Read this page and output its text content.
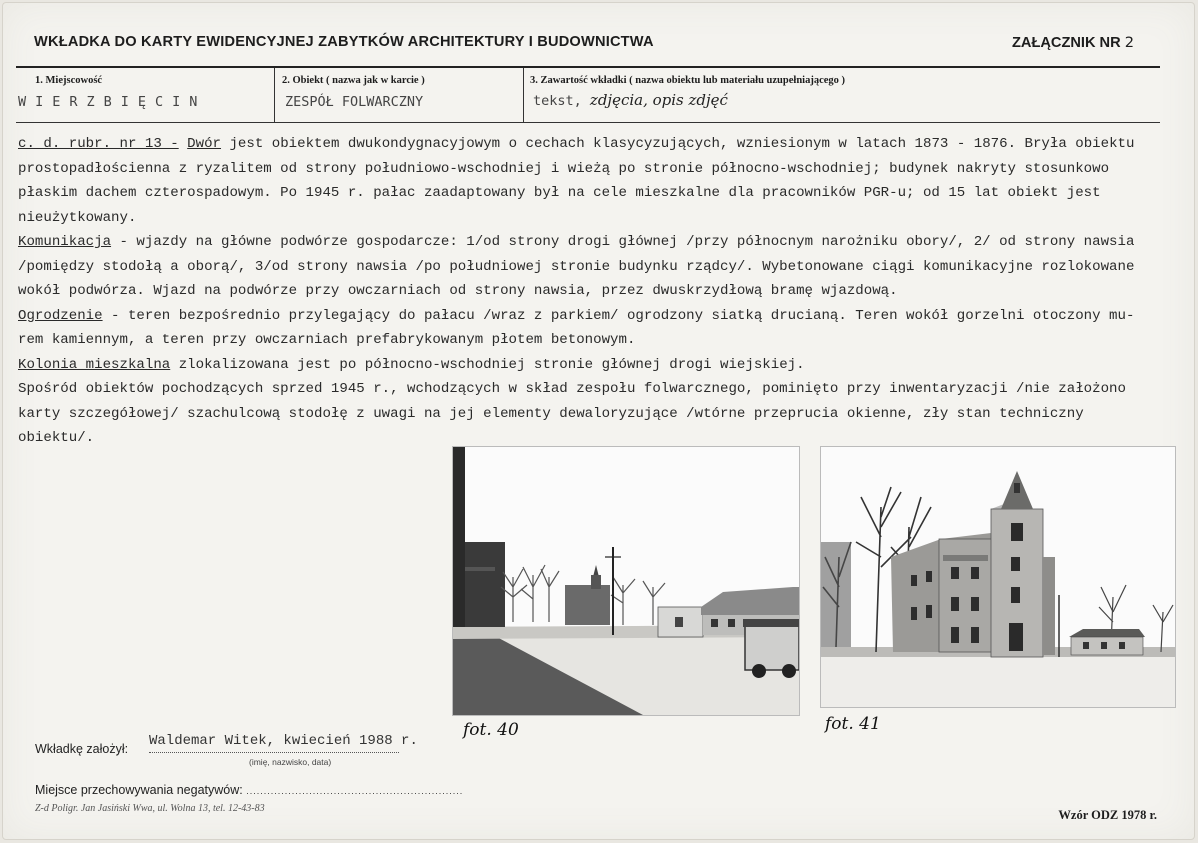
WKŁADKA DO KARTY EWIDENCYJNEJ ZABYTKÓW ARCHITEKTURY I BUDOWNICTWA	ZAŁĄCZNIK NR 2
1. Miejscowość
WIERZBIĘCIN
2. Obiekt ( nazwa jak w karcie )
ZESPÓŁ FOLWARCZNY
3. Zawartość wkładki ( nazwa obiektu lub materiału uzupełniającego )
tekst, zdjęcia, opis zdjęć
c. d. rubr. nr 13 - Dwór jest obiektem dwukondygnacyjowym o cechach klasycyzujących, wzniesionym w latach 1873 - 1876. Bryła obiektu
prostopadłościenna z ryzalitem od strony południowo-wschodniej i wieżą po stronie północno-wschodniej; budynek nakryty stosunkowo
płaskim dachem czterospadowym. Po 1945 r. pałac zaadaptowany był na cele mieszkalne dla pracowników PGR-u; od 15 lat obiekt jest
nieużytkowany.
Komunikacja - wjazdy na główne podwórze gospodarcze: 1/od strony drogi głównej /przy północnym narożniku obory/, 2/ od strony nawsia
/pomiędzy stodołą a oborą/, 3/od strony nawsia /po południowej stronie budynku rządcy/. Wybetonowane ciągi komunikacyjne rozlokowane
wokół podwórza. Wjazd na podwórze przy owczarniach od strony nawsia, przez dwuskrzydłową bramę wjazdową.
Ogrodzenie - teren bezpośrednio przylegający do pałacu /wraz z parkiem/ ogrodzony siatką drucianą. Teren wokół gorzelni otoczony mu-
rem kamiennym, a teren przy owczarniach prefabrykowanym płotem betonowym.
Kolonia mieszkalna zlokalizowana jest po północno-wschodniej stronie głównej drogi wiejskiej.
Spośród obiektów pochodzących sprzed 1945 r., wchodzących w skład zespołu folwarcznego, pominięto przy inwentaryzacji /nie założono
karty szczegółowej/ szachulcową stodołę z uwagi na jej elementy dewaloryzujące /wtórne przeprucia okienne, zły stan techniczny
obiektu/.
fot. 40	fot. 41
Wkładkę założył: Waldemar Witek, kwiecień 1988 r.
(imię, nazwisko, data)
Miejsce przechowywania negatywów: ..............................................................
Z-d Poligr. Jan Jasiński Wwa, ul. Wolna 13, tel. 12-43-83	Wzór ODZ 1978 r.
